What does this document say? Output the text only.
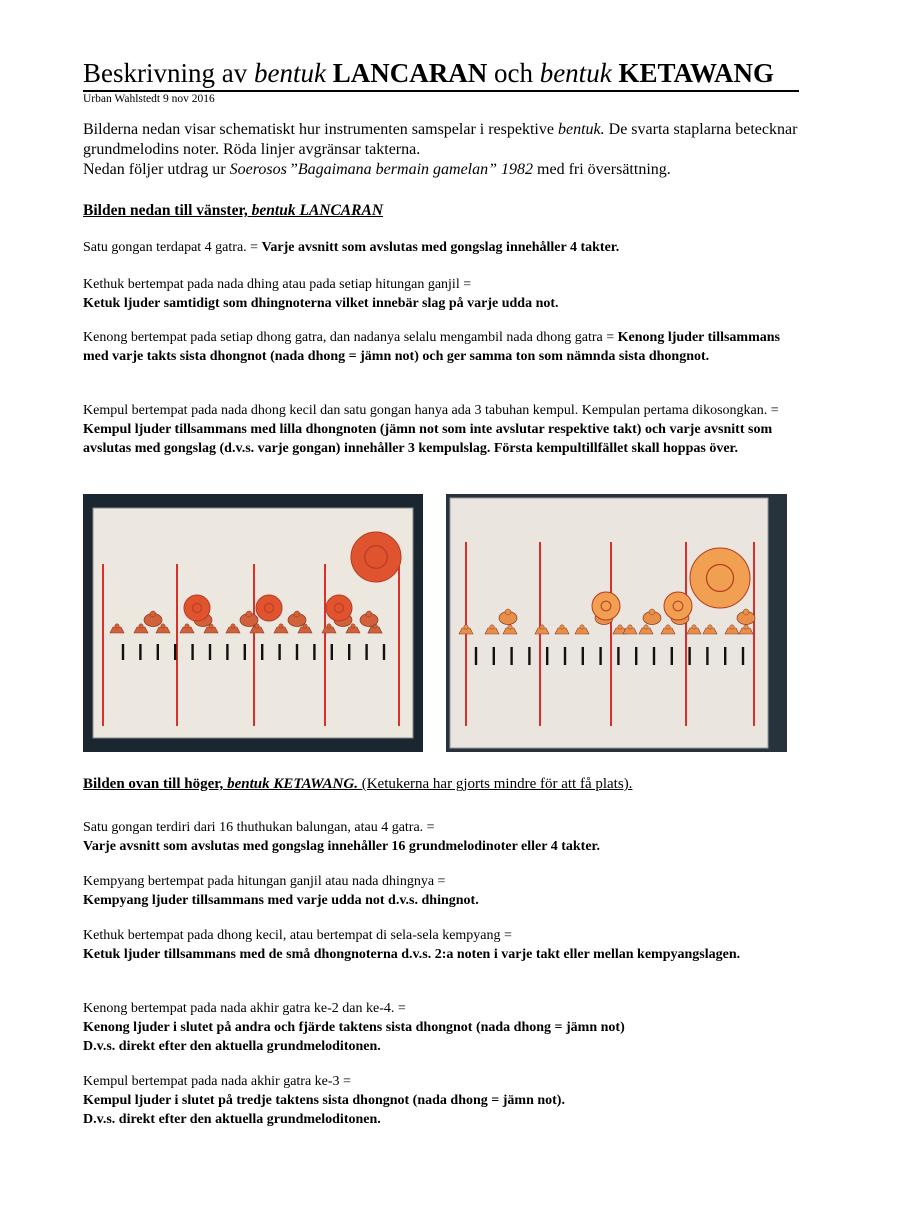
Beskrivning av bentuk LANCARAN och bentuk KETAWANG
Urban Wahlstedt 9 nov 2016
Bilderna nedan visar schematiskt hur instrumenten samspelar i respektive bentuk. De svarta staplarna betecknar grundmelodins noter. Röda linjer avgränsar takterna.
Nedan följer utdrag ur Soerosos ”Bagaimana bermain gamelan” 1982 med fri översättning.
Bilden nedan till vänster, bentuk LANCARAN
Satu gongan terdapat 4 gatra. = Varje avsnitt som avslutas med gongslag innehåller 4 takter.
Kethuk bertempat pada nada dhing atau pada setiap hitungan ganjil =
Ketuk ljuder samtidigt som dhingnoterna vilket innebär slag på varje udda not.
Kenong bertempat pada setiap dhong gatra, dan nadanya selalu mengambil nada dhong gatra = Kenong ljuder tillsammans med varje takts sista dhongnot (nada dhong = jämn not) och ger samma ton som nämnda sista dhongnot.
Kempul bertempat pada nada dhong kecil dan satu gongan hanya ada 3 tabuhan kempul. Kempulan pertama dikosongkan. = Kempul ljuder tillsammans med lilla dhongnoten (jämn not som inte avslutar respektive takt) och varje avsnitt som avslutas med gongslag (d.v.s. varje gongan) innehåller 3 kempulslag. Första kempultillfället skall hoppas över.
Bilden ovan till höger, bentuk KETAWANG. (Ketukerna har gjorts mindre för att få plats).
Satu gongan terdiri dari 16 thuthukan balungan, atau 4 gatra. =
Varje avsnitt som avslutas med gongslag innehåller 16 grundmelodinoter eller 4 takter.
Kempyang bertempat pada hitungan ganjil atau nada dhingnya =
Kempyang ljuder tillsammans med varje udda not d.v.s. dhingnot.
Kethuk bertempat pada dhong kecil, atau bertempat di sela-sela kempyang =
Ketuk ljuder tillsammans med de små dhongnoterna d.v.s. 2:a noten i varje takt eller mellan kempyangslagen.
Kenong bertempat pada nada akhir gatra ke-2 dan ke-4. =
Kenong ljuder i slutet på andra och fjärde taktens sista dhongnot (nada dhong = jämn not)
D.v.s. direkt efter den aktuella grundmeloditonen.
Kempul bertempat pada nada akhir gatra ke-3 =
Kempul ljuder i slutet på tredje taktens sista dhongnot (nada dhong = jämn not).
D.v.s. direkt efter den aktuella grundmeloditonen.
